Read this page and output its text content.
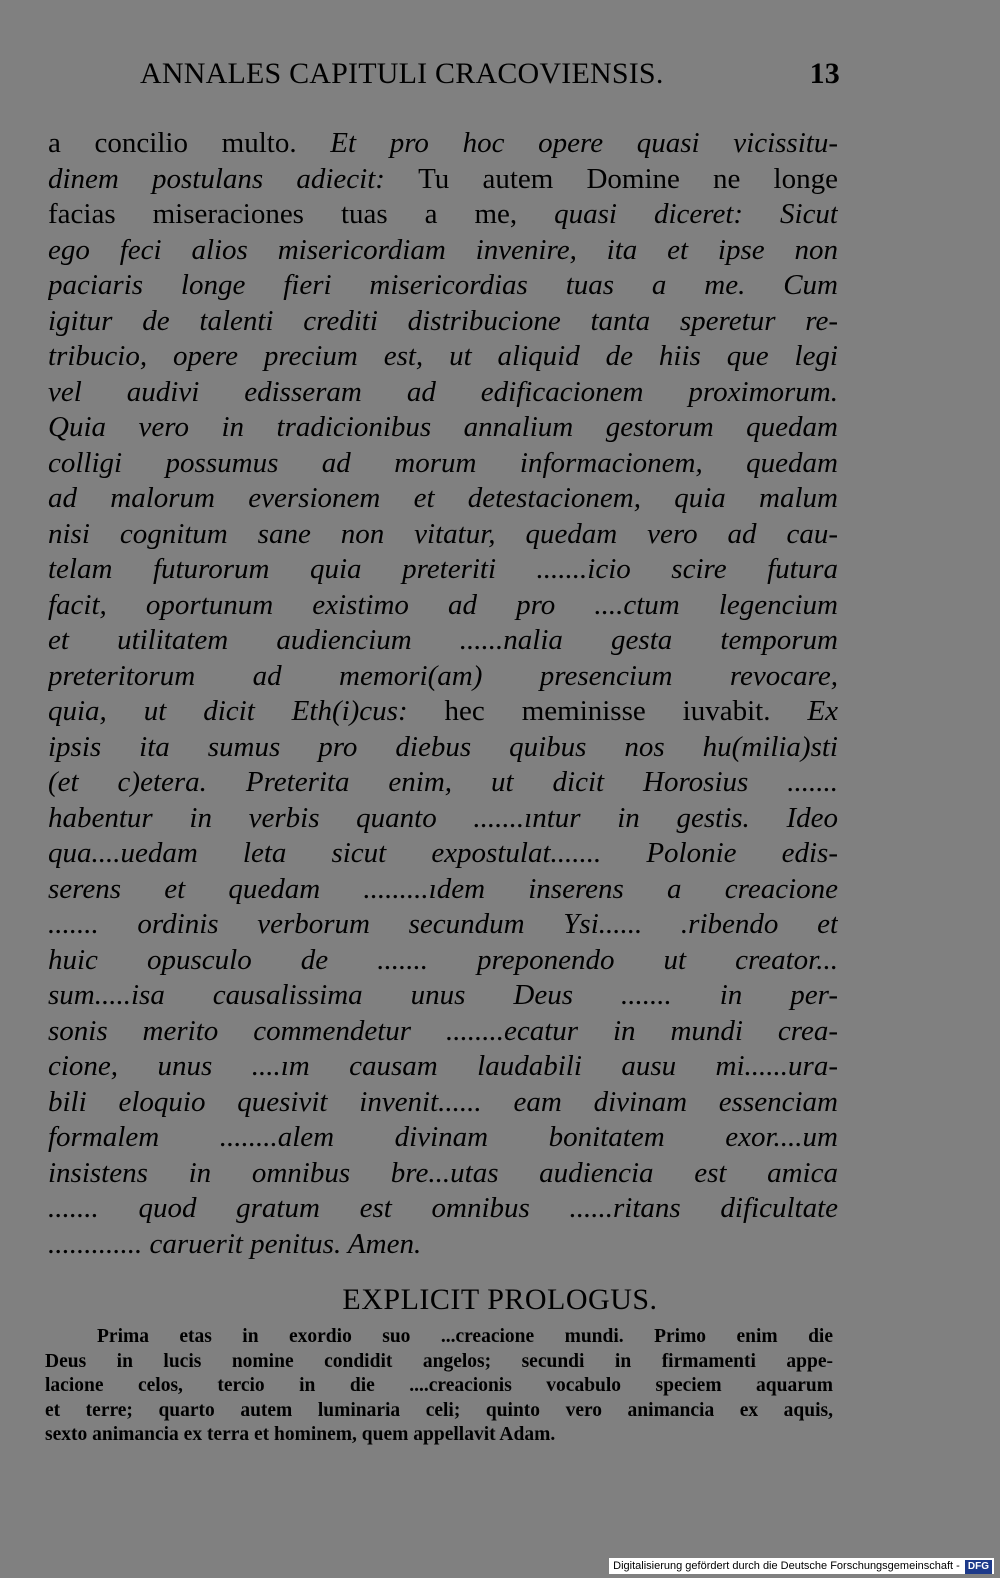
ANNALES CAPITULI CRACOVIENSIS.	13
a concilio multo. Et pro hoc opere quasi vicissitu-
dinem postulans adiecit: Tu autem Domine ne longe
facias miseraciones tuas a me, quasi diceret: Sicut
ego feci alios misericordiam invenire, ita et ipse non
paciaris longe fieri misericordias tuas a me. Cum
igitur de talenti crediti distribucione tanta speretur re-
tribucio, opere precium est, ut aliquid de hiis que legi
vel audivi edisseram ad edificacionem proximorum.
Quia vero in tradicionibus annalium gestorum quedam
colligi possumus ad morum informacionem, quedam
ad malorum eversionem et detestacionem, quia malum
nisi cognitum sane non vitatur, quedam vero ad cau-
telam futurorum quia preteriti .......icio scire futura
facit, oportunum existimo ad pro ....ctum legencium
et utilitatem audiencium ......nalia gesta temporum
preteritorum ad memori(am) presencium revocare,
quia, ut dicit Eth(i)cus: hec meminisse iuvabit. Ex
ipsis ita sumus pro diebus quibus nos hu(milia)sti
(et c)etera. Preterita enim, ut dicit Horosius .......
habentur in verbis quanto .......ıntur in gestis. Ideo
qua....uedam leta sicut expostulat....... Polonie edis-
serens et quedam .........ıdem inserens a creacione
....... ordinis verborum secundum Ysi...... .ribendo et
huic opusculo de ....... preponendo ut creator...
sum.....isa causalissima unus Deus ....... in per-
sonis merito commendetur ........ecatur in mundi crea-
cione, unus ....ım causam laudabili ausu mi......ura-
bili eloquio quesivit invenit...... eam divinam essenciam
formalem ........alem divinam bonitatem exor....um
insistens in omnibus bre...utas audiencia est amica
....... quod gratum est omnibus ......ritans dificultate
............. caruerit penitus. Amen.
EXPLICIT PROLOGUS.
Prima etas in exordio suo ...creacione mundi. Primo enim die
Deus in lucis nomine condidit angelos; secundi in firmamenti appe-
lacione celos, tercio in die ....creacionis vocabulo speciem aquarum
et terre; quarto autem luminaria celi; quinto vero animancia ex aquis,
sexto animancia ex terra et hominem, quem appellavit Adam.
Digitalisierung gefördert durch die Deutsche Forschungsgemeinschaft - DFG
